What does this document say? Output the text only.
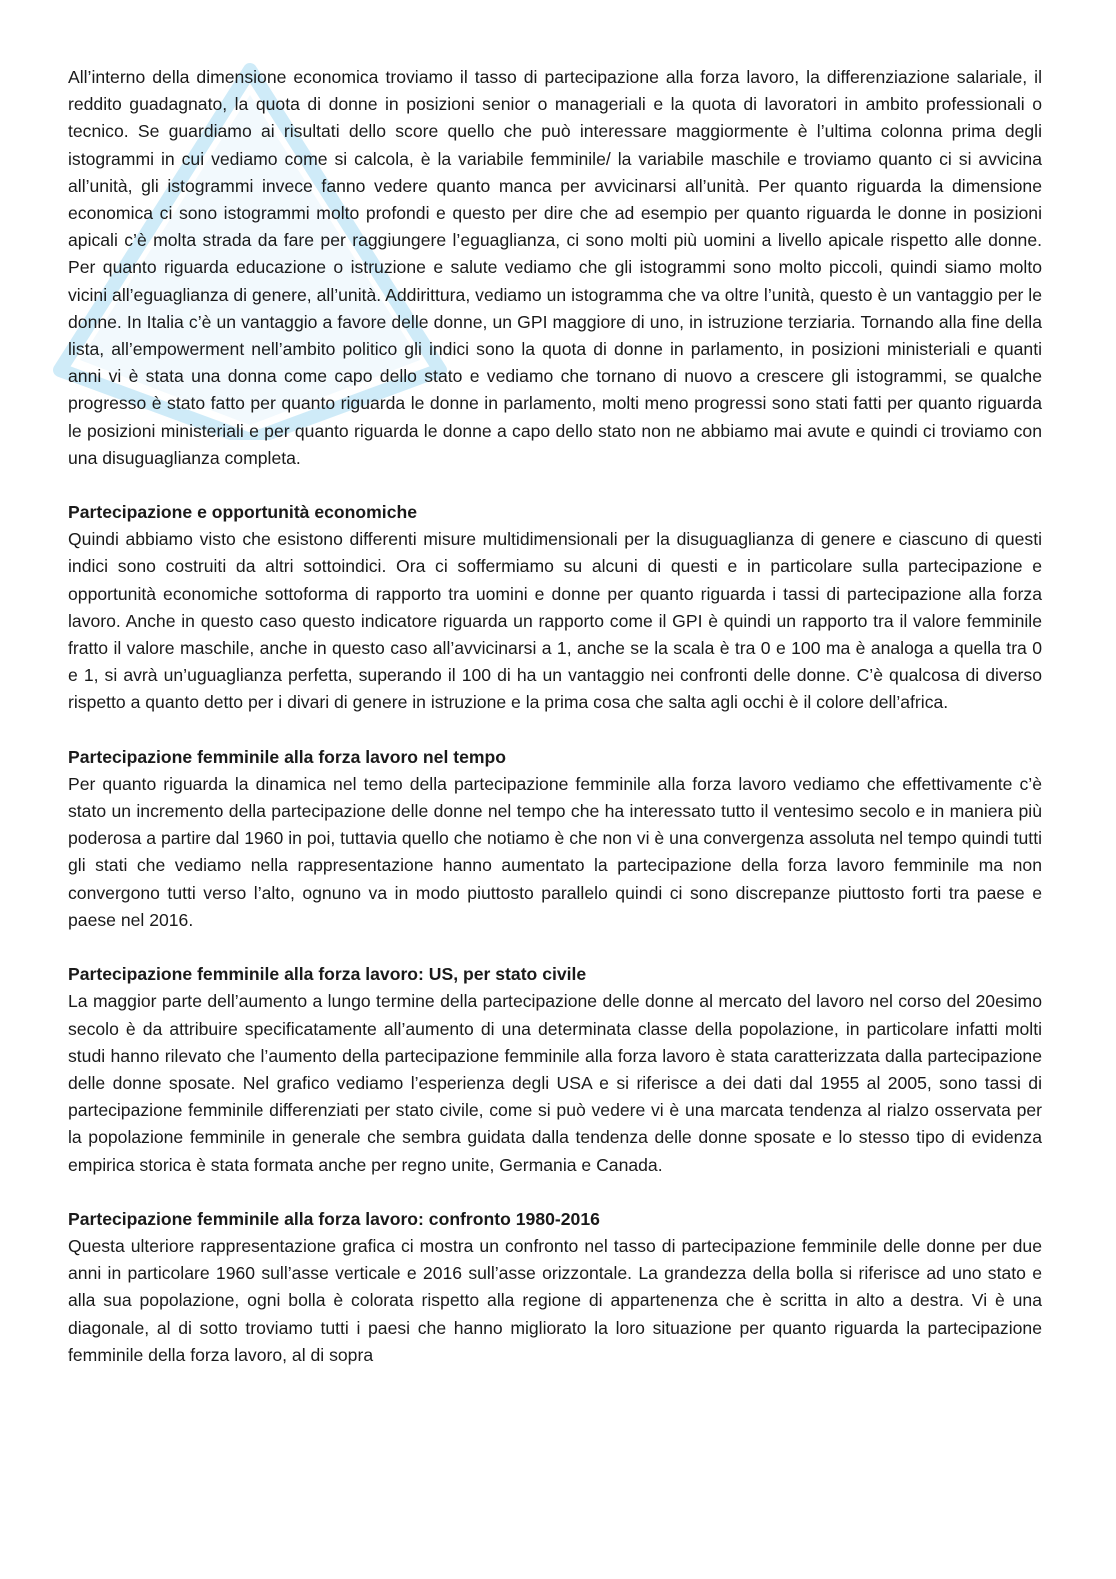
All’interno della dimensione economica troviamo il tasso di partecipazione alla forza lavoro, la differenziazione salariale, il reddito guadagnato, la quota di donne in posizioni senior o manageriali e la quota di lavoratori in ambito professionali o tecnico. Se guardiamo ai risultati dello score quello che può interessare maggiormente è l’ultima colonna prima degli istogrammi in cui vediamo come si calcola, è la variabile femminile/ la variabile maschile e troviamo quanto ci si avvicina all’unità, gli istogrammi invece fanno vedere quanto manca per avvicinarsi all’unità. Per quanto riguarda la dimensione economica ci sono istogrammi molto profondi e questo per dire che ad esempio per quanto riguarda le donne in posizioni apicali c’è molta strada da fare per raggiungere l’eguaglianza, ci sono molti più uomini a livello apicale rispetto alle donne. Per quanto riguarda educazione o istruzione e salute vediamo che gli istogrammi sono molto piccoli, quindi siamo molto vicini all’eguaglianza di genere, all’unità. Addirittura, vediamo un istogramma che va oltre l’unità, questo è un vantaggio per le donne. In Italia c’è un vantaggio a favore delle donne, un GPI maggiore di uno, in istruzione terziaria. Tornando alla fine della lista, all’empowerment nell’ambito politico gli indici sono la quota di donne in parlamento, in posizioni ministeriali e quanti anni vi è stata una donna come capo dello stato e vediamo che tornano di nuovo a crescere gli istogrammi, se qualche progresso è stato fatto per quanto riguarda le donne in parlamento, molti meno progressi sono stati fatti per quanto riguarda le posizioni ministeriali e per quanto riguarda le donne a capo dello stato non ne abbiamo mai avute e quindi ci troviamo con una disuguaglianza completa.

Partecipazione e opportunità economiche

Quindi abbiamo visto che esistono differenti misure multidimensionali per la disuguaglianza di genere e ciascuno di questi indici sono costruiti da altri sottoindici. Ora ci soffermiamo su alcuni di questi e in particolare sulla partecipazione e opportunità economiche sottoforma di rapporto tra uomini e donne per quanto riguarda i tassi di partecipazione alla forza lavoro. Anche in questo caso questo indicatore riguarda un rapporto come il GPI è quindi un rapporto tra il valore femminile fratto il valore maschile, anche in questo caso all’avvicinarsi a 1, anche se la scala è tra 0 e 100 ma è analoga a quella tra 0 e 1, si avrà un’uguaglianza perfetta, superando il 100 di ha un vantaggio nei confronti delle donne. C’è qualcosa di diverso rispetto a quanto detto per i divari di genere in istruzione e la prima cosa che salta agli occhi è il colore dell’africa.

Partecipazione femminile alla forza lavoro nel tempo

Per quanto riguarda la dinamica nel temo della partecipazione femminile alla forza lavoro vediamo che effettivamente c’è stato un incremento della partecipazione delle donne nel tempo che ha interessato tutto il ventesimo secolo e in maniera più poderosa a partire dal 1960 in poi, tuttavia quello che notiamo è che non vi è una convergenza assoluta nel tempo quindi tutti gli stati che vediamo nella rappresentazione hanno aumentato la partecipazione della forza lavoro femminile ma non convergono tutti verso l’alto, ognuno va in modo piuttosto parallelo quindi ci sono discrepanze piuttosto forti tra paese e paese nel 2016.

Partecipazione femminile alla forza lavoro: US, per stato civile

La maggior parte dell’aumento a lungo termine della partecipazione delle donne al mercato del lavoro nel corso del 20esimo secolo è da attribuire specificatamente all’aumento di una determinata classe della popolazione, in particolare infatti molti studi hanno rilevato che l’aumento della partecipazione femminile alla forza lavoro è stata caratterizzata dalla partecipazione delle donne sposate. Nel grafico vediamo l’esperienza degli USA e si riferisce a dei dati dal 1955 al 2005, sono tassi di partecipazione femminile differenziati per stato civile, come si può vedere vi è una marcata tendenza al rialzo osservata per la popolazione femminile in generale che sembra guidata dalla tendenza delle donne sposate e lo stesso tipo di evidenza empirica storica è stata formata anche per regno unite, Germania e Canada.

Partecipazione femminile alla forza lavoro: confronto 1980-2016

Questa ulteriore rappresentazione grafica ci mostra un confronto nel tasso di partecipazione femminile delle donne per due anni in particolare 1960 sull’asse verticale e 2016 sull’asse orizzontale. La grandezza della bolla si riferisce ad uno stato e alla sua popolazione, ogni bolla è colorata rispetto alla regione di appartenenza che è scritta in alto a destra. Vi è una diagonale, al di sotto troviamo tutti i paesi che hanno migliorato la loro situazione per quanto riguarda la partecipazione femminile della forza lavoro, al di sopra
